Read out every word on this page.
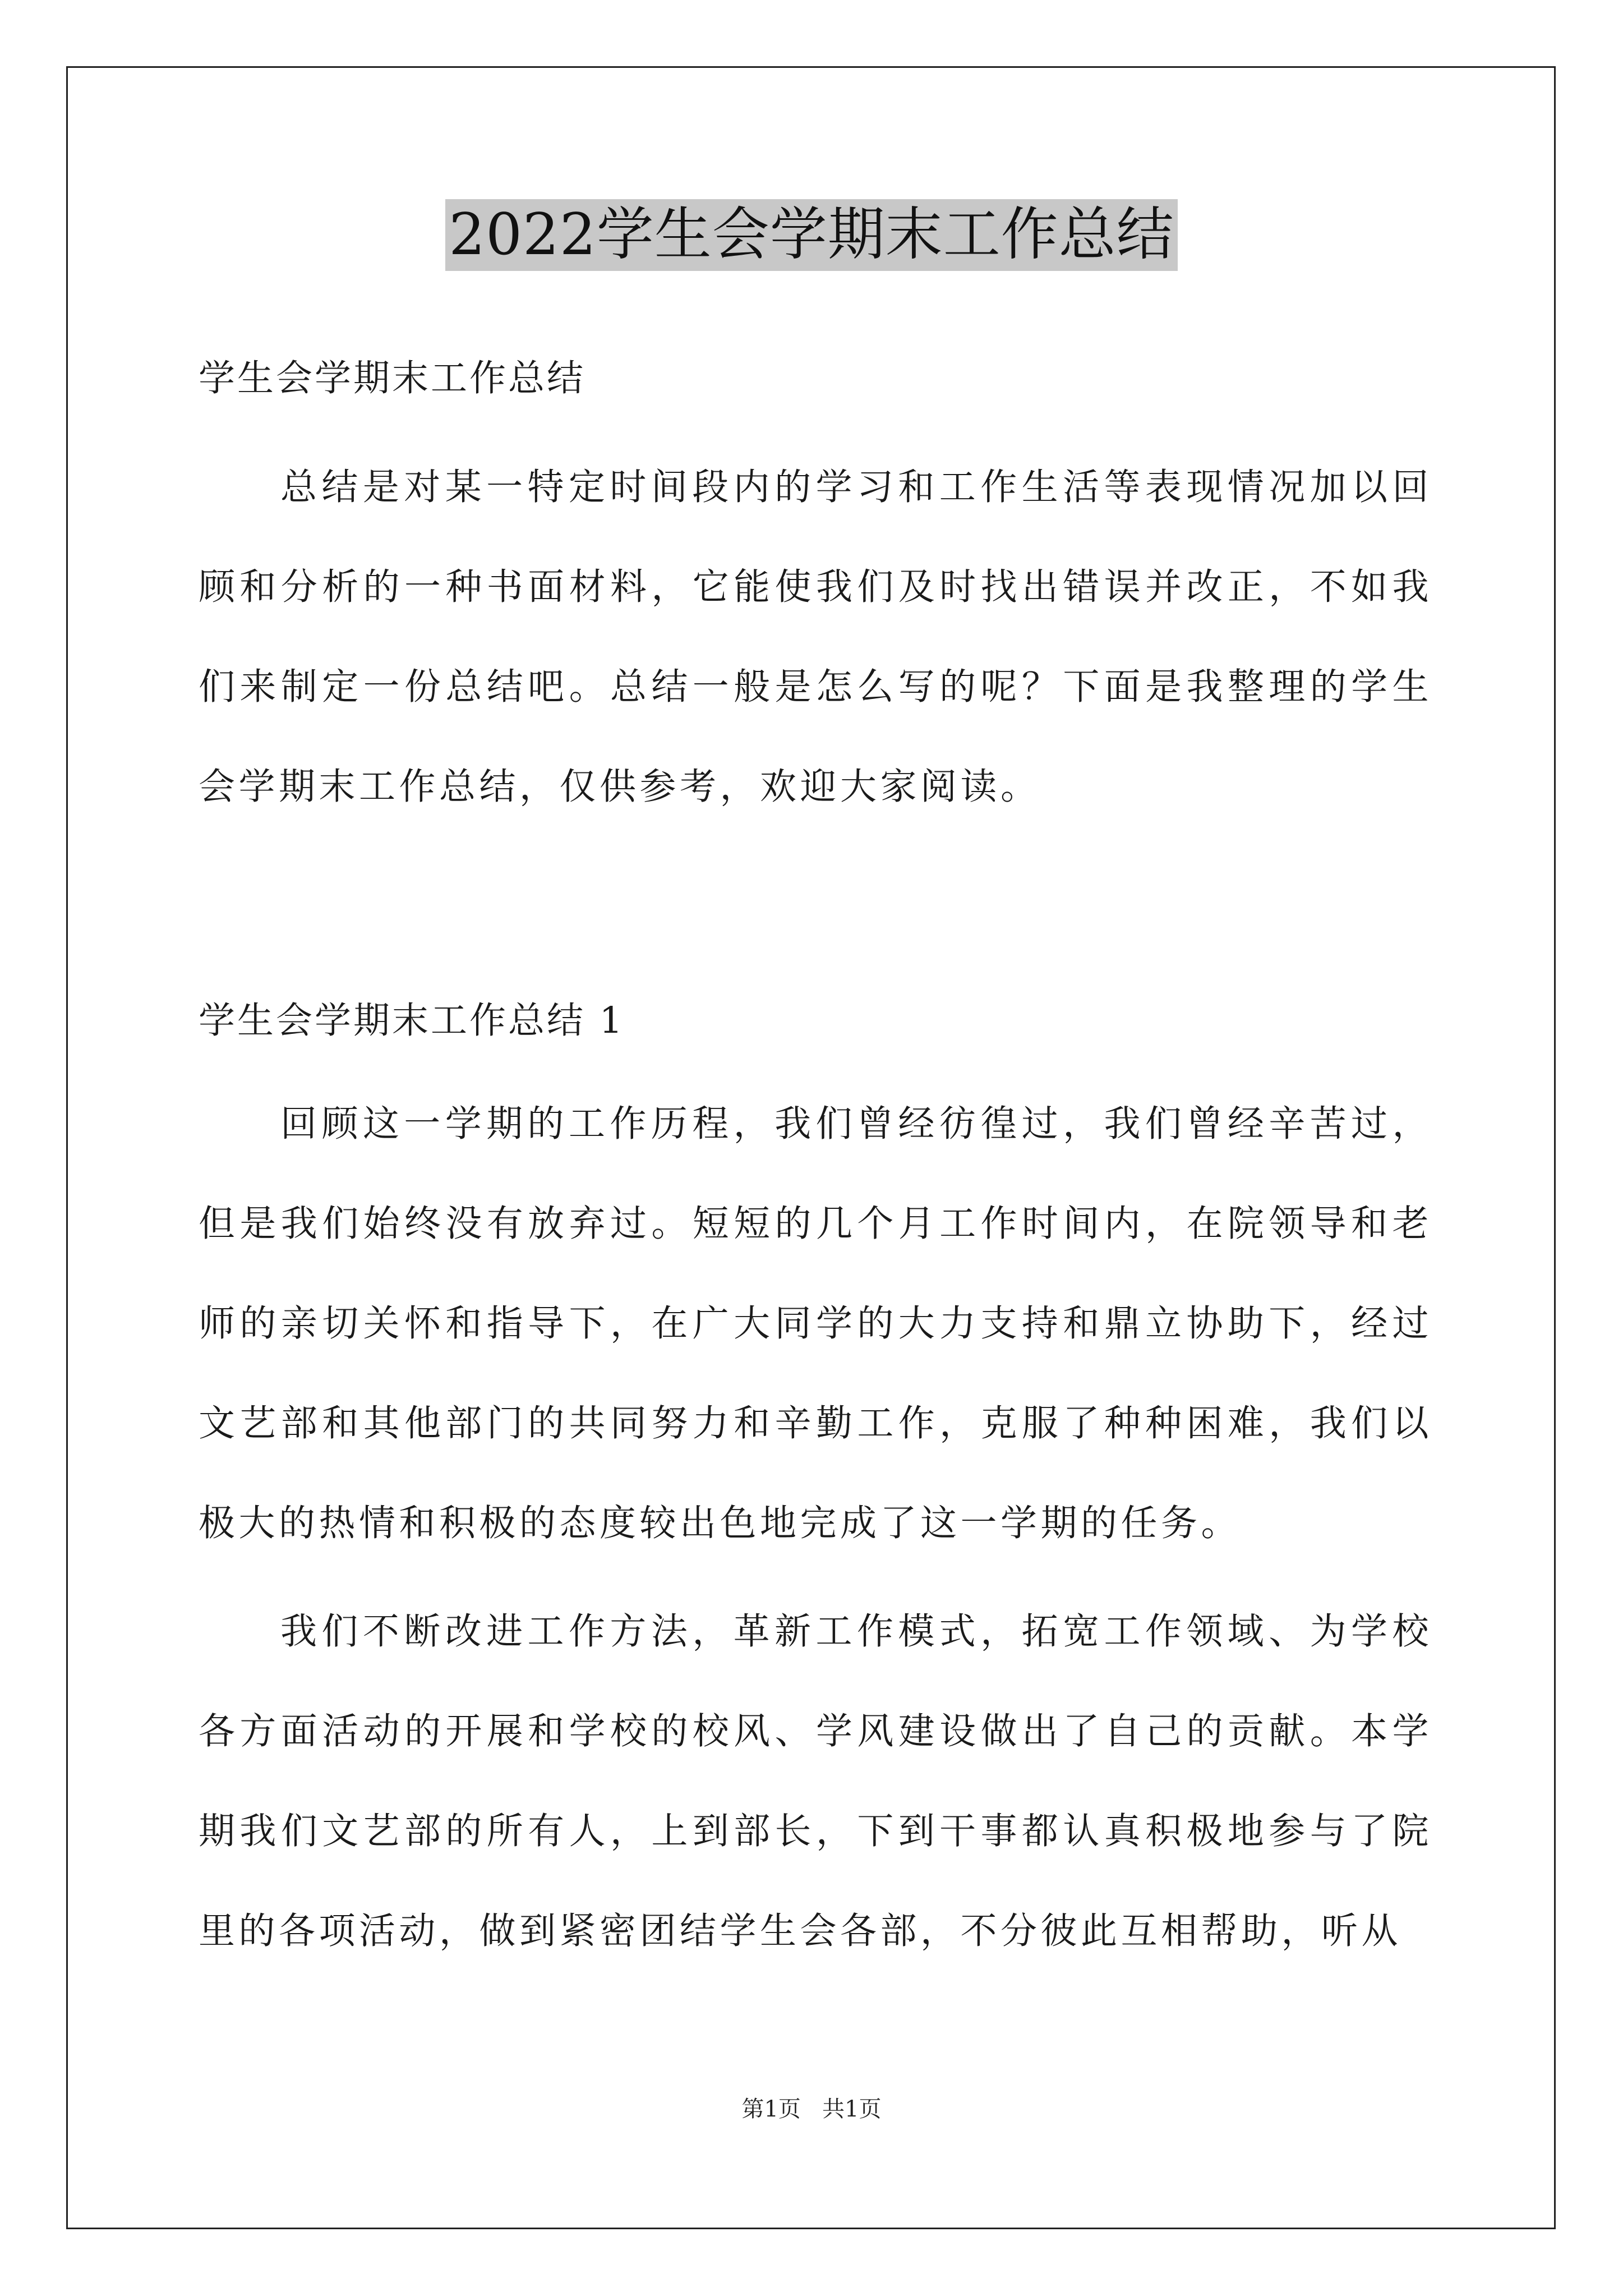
2022学生会学期末工作总结
学生会学期末工作总结

总结是对某一特定时间段内的学习和工作生活等表现情况加以回顾和分析的一种书面材料，它能使我们及时找出错误并改正，不如我们来制定一份总结吧。总结一般是怎么写的呢？下面是我整理的学生会学期末工作总结，仅供参考，欢迎大家阅读。

学生会学期末工作总结 1

回顾这一学期的工作历程，我们曾经彷徨过，我们曾经辛苦过，但是我们始终没有放弃过。短短的几个月工作时间内，在院领导和老师的亲切关怀和指导下，在广大同学的大力支持和鼎立协助下，经过文艺部和其他部门的共同努力和辛勤工作，克服了种种困难，我们以极大的热情和积极的态度较出色地完成了这一学期的任务。

我们不断改进工作方法，革新工作模式，拓宽工作领域、为学校各方面活动的开展和学校的校风、学风建设做出了自己的贡献。本学期我们文艺部的所有人，上到部长，下到干事都认真积极地参与了院里的各项活动，做到紧密团结学生会各部，不分彼此互相帮助，听从

第1页   共1页
